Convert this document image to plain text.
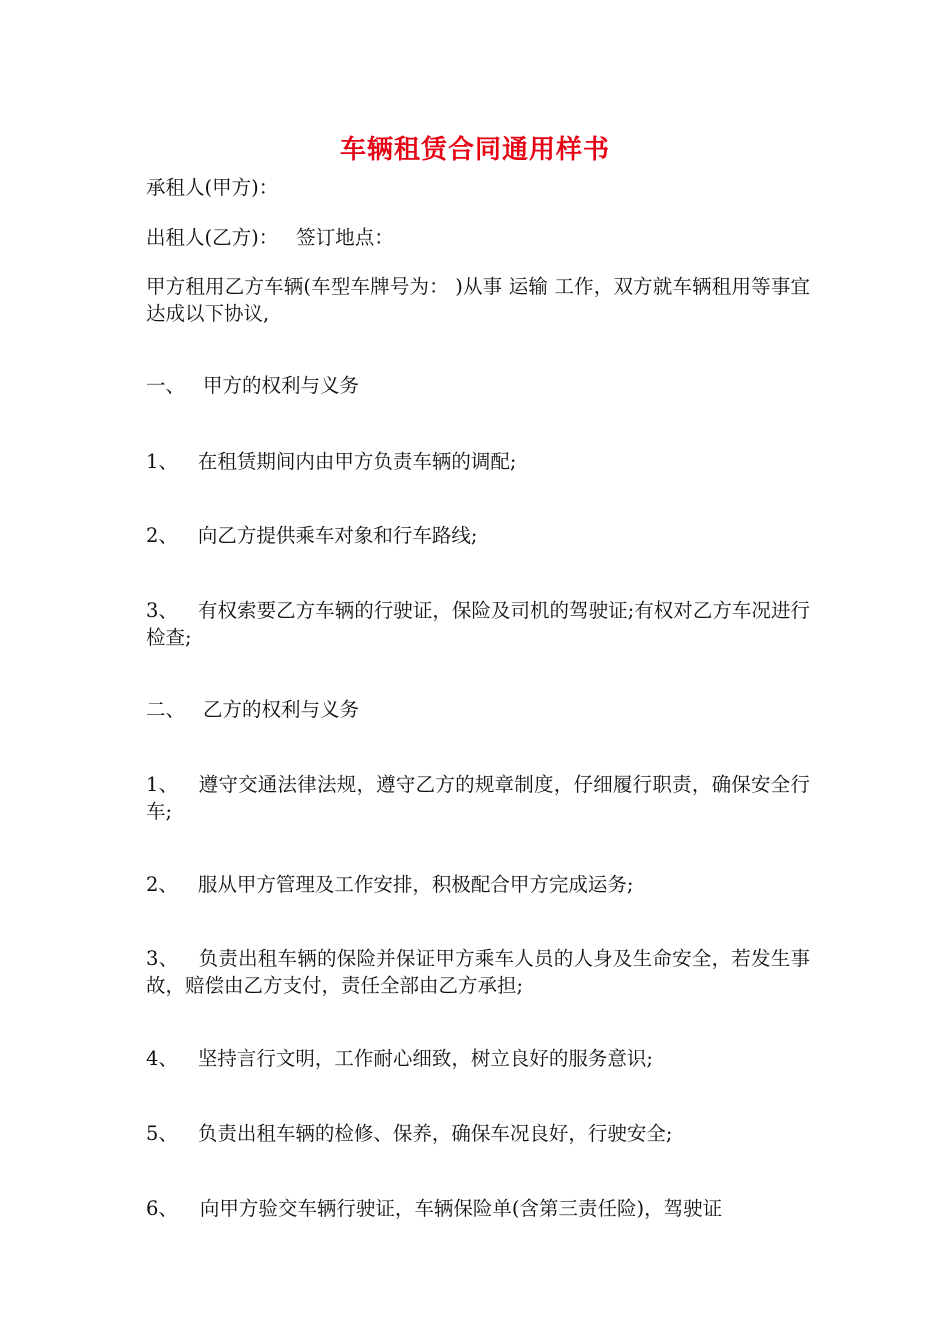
车辆租赁合同通用样书
承租人(甲方)：
出租人(乙方)： 签订地点：
甲方租用乙方车辆(车型车牌号为： )从事 运输 工作，双方就车辆租用等事宜达成以下协议,
一、 甲方的权利与义务
1、 在租赁期间内由甲方负责车辆的调配;
2、 向乙方提供乘车对象和行车路线;
3、 有权索要乙方车辆的行驶证，保险及司机的驾驶证;有权对乙方车况进行检查;
二、 乙方的权利与义务
1、 遵守交通法律法规，遵守乙方的规章制度，仔细履行职责，确保安全行车;
2、 服从甲方管理及工作安排，积极配合甲方完成运务;
3、 负责出租车辆的保险并保证甲方乘车人员的人身及生命安全，若发生事故，赔偿由乙方支付，责任全部由乙方承担;
4、 坚持言行文明，工作耐心细致，树立良好的服务意识;
5、 负责出租车辆的检修、保养，确保车况良好，行驶安全;
6、 向甲方验交车辆行驶证，车辆保险单(含第三责任险)，驾驶证
